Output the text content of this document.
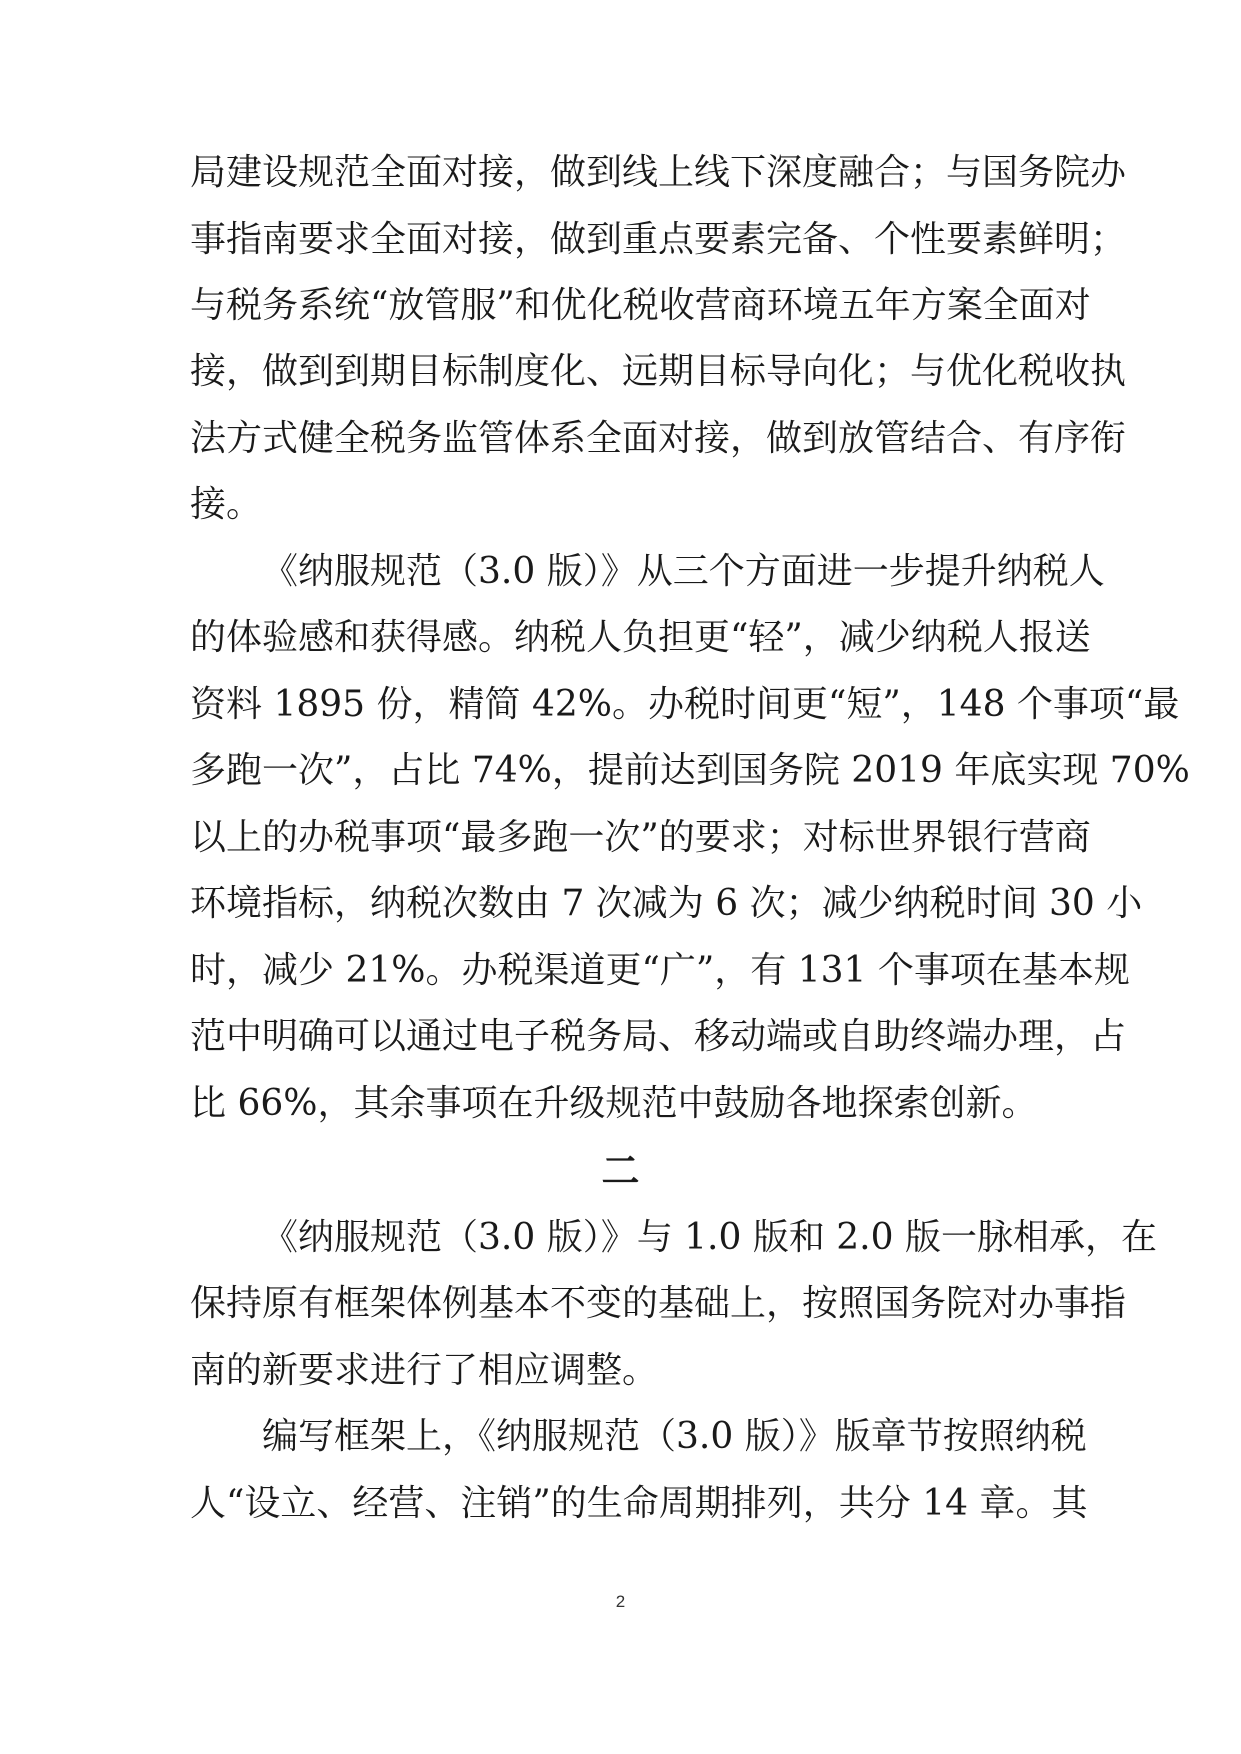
局建设规范全面对接，做到线上线下深度融合；与国务院办
事指南要求全面对接，做到重点要素完备、个性要素鲜明；
与税务系统“放管服”和优化税收营商环境五年方案全面对
接，做到到期目标制度化、远期目标导向化；与优化税收执
法方式健全税务监管体系全面对接，做到放管结合、有序衔
接。
《纳服规范（3.0 版）》从三个方面进一步提升纳税人
的体验感和获得感。纳税人负担更“轻”，减少纳税人报送
资料 1895 份，精简 42%。办税时间更“短”，148 个事项“最
多跑一次”，占比 74%，提前达到国务院 2019 年底实现 70%
以上的办税事项“最多跑一次”的要求；对标世界银行营商
环境指标，纳税次数由 7 次减为 6 次；减少纳税时间 30 小
时，减少 21%。办税渠道更“广”，有 131 个事项在基本规
范中明确可以通过电子税务局、移动端或自助终端办理，占
比 66%，其余事项在升级规范中鼓励各地探索创新。
二
《纳服规范（3.0 版）》与 1.0 版和 2.0 版一脉相承，在
保持原有框架体例基本不变的基础上，按照国务院对办事指
南的新要求进行了相应调整。
编写框架上，《纳服规范（3.0 版）》版章节按照纳税
人“设立、经营、注销”的生命周期排列，共分 14 章。其
2
